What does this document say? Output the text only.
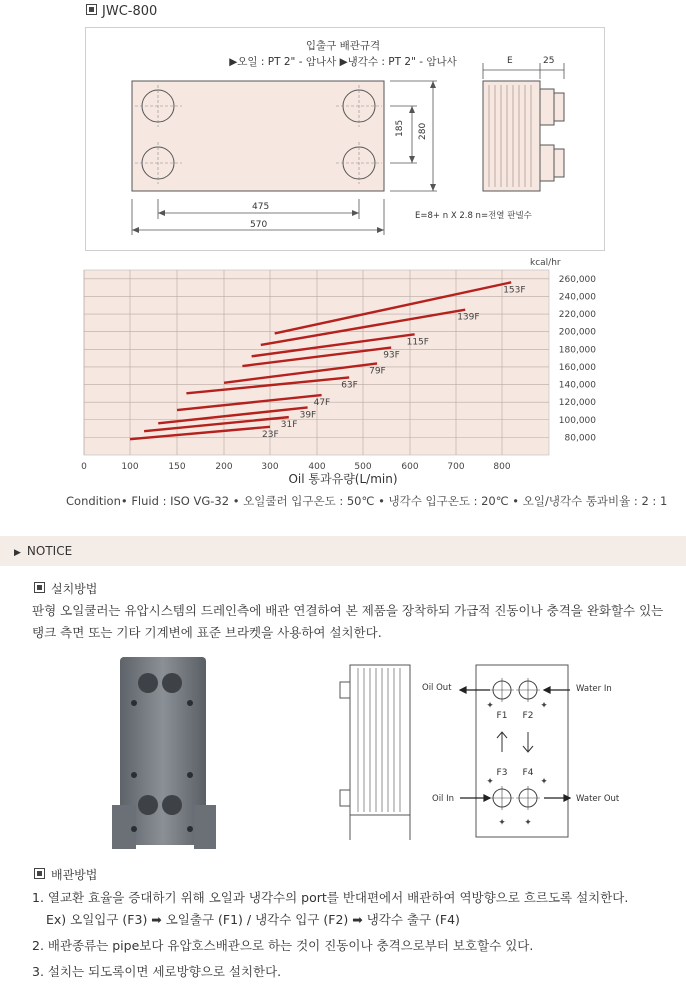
JWC-800
입출구 배관규격
▶오일 : PT 2" - 암나사 ▶냉각수 : PT 2" - 암나사
185 280
475
570
E	25
E=8+ n X 2.8 n=전열 판넬수
23F
31F
39F
47F
63F
79F
93F
115F
139F
153F
0	100	150	200	300	400	500	600	700	800
80,000
100,000
120,000
140,000
160,000
180,000
200,000
220,000
240,000
260,000
kcal/hr
Oil 통과유량(L/min)
Condition• Fluid : ISO VG-32 • 오일쿨러 입구온도 : 50℃ • 냉각수 입구온도 : 20℃ • 오일/냉각수 통과비율 : 2 : 1
▶ NOTICE
설치방법
판형 오일쿨러는 유압시스템의 드레인측에 배관 연결하여 본 제품을 장착하되 가급적 진동이나 충격을 완화할수 있는
탱크 측면 또는 기타 기계변에 표준 브라켓을 사용하여 설치한다.
F1 F2
F3 F4
✦	✦
✦	✦
✦ ✦
Oil Out	Water In
Oil In	Water Out
배관방법
1. 열교환 효율을 증대하기 위해 오일과 냉각수의 port를 반대편에서 배관하여 역방향으로 흐르도록 설치한다.
Ex) 오일입구 (F3) ➡ 오일출구 (F1) / 냉각수 입구 (F2) ➡ 냉각수 출구 (F4)
2. 배관종류는 pipe보다 유압호스배관으로 하는 것이 진동이나 충격으로부터 보호할수 있다.
3. 설치는 되도록이면 세로방향으로 설치한다.
